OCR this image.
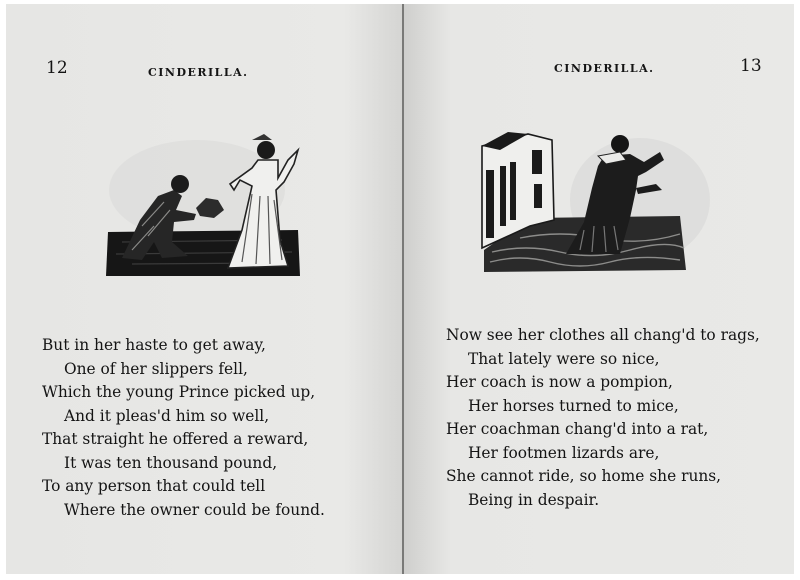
12	CINDERILLA.
But in her haste to get away,
One of her slippers fell,
Which the young Prince picked up,
And it pleas'd him so well,
That straight he offered a reward,
It was ten thousand pound,
To any person that could tell
Where the owner could be found.
CINDERILLA.	13
Now see her clothes all chang'd to rags,
That lately were so nice,
Her coach is now a pompion,
Her horses turned to mice,
Her coachman chang'd into a rat,
Her footmen lizards are,
She cannot ride, so home she runs,
Being in despair.
